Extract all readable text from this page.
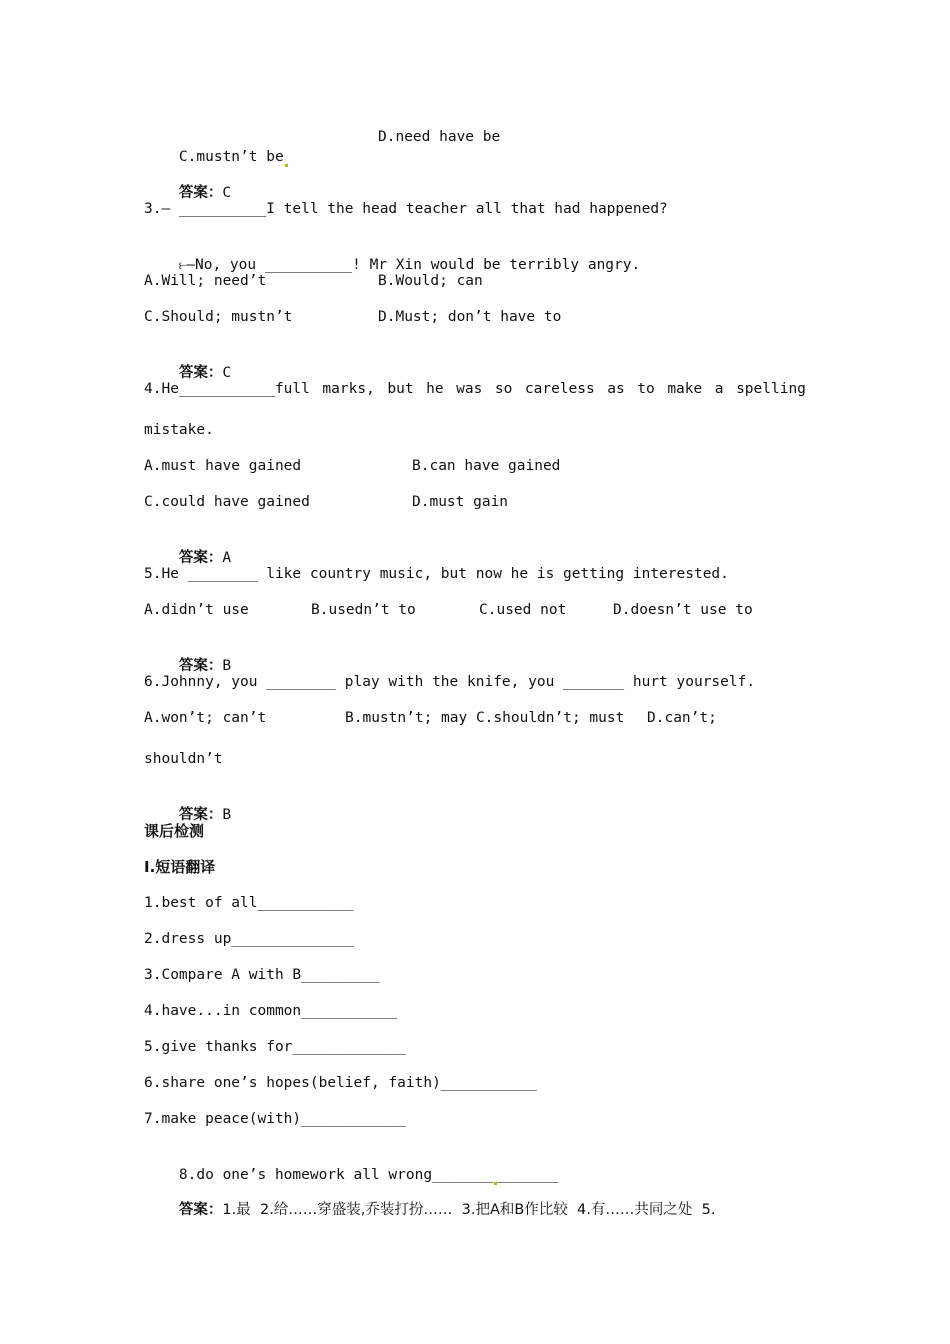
C.mustn’t be

D.need have be

答案：C

3.— __________I tell the head teacher all that had happened?

⥼—No, you __________! Mr Xin would be terribly angry.

A.Will; need’t	B.Would; can
C.Should; mustn’t	D.Must; don’t have to

答案：C

4.He___________full marks, but he was so careless as to make a spelling
mistake.
A.must have gained	B.can have gained
C.could have gained	D.must gain

答案：A

5.He ________ like country music, but now he is getting interested.
A.didn’t use	B.usedn’t to	C.used not	D.doesn’t use to

答案：B

6.Johnny, you ________ play with the knife, you _______ hurt yourself.
A.won’t; can’t	B.mustn’t; may C.shouldn’t; must D.can’t;
shouldn’t

答案：B

课后检测
Ⅰ.短语翻译
1.best of all___________
2.dress up______________
3.Compare A with B_________
4.have...in common___________
5.give thanks for_____________
6.share one’s hopes(belief, faith)___________
7.make peace(with)____________

8.do one’s homework all wrong_______ _______

答案：1.最  2.给……穿盛装,乔装打扮……  3.把A和B作比较  4.有……共同之处  5.
